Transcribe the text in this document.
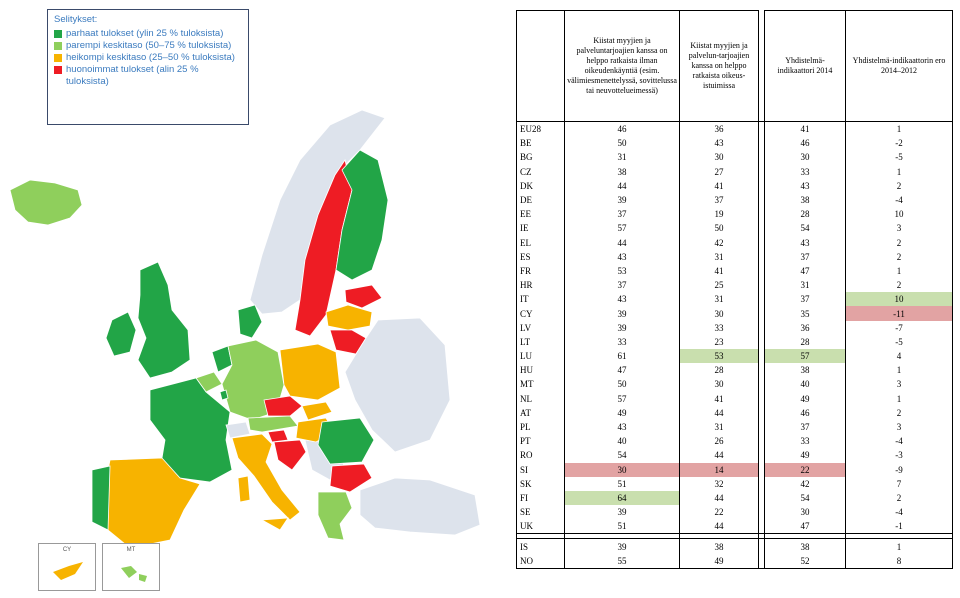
Selitykset:
parhaat tulokset (ylin 25 % tuloksista)
parempi keskitaso (50–75 % tuloksista)
heikompi keskitaso (25–50 % tuloksista)
huonoimmat tulokset (alin 25 % tuloksista)
CY	MT
	Kiistat myyjien ja palveluntarjoajien kanssa on helppo ratkaista ilman oikeudenkäyntiä (esim. välimiesmenettelyssä, sovittelussa tai neuvottelueimessä)	Kiistat myyjien ja palvelun-tarjoajien kanssa on helppo ratkaista oikeus-istuimissa		Yhdistelmä-indikaattori 2014	Yhdistelmä-indikaattorin ero 2014–2012
EU28	46	36		41	1
BE	50	43		46	-2
BG	31	30		30	-5
CZ	38	27		33	1
DK	44	41		43	2
DE	39	37		38	-4
EE	37	19		28	10
IE	57	50		54	3
EL	44	42		43	2
ES	43	31		37	2
FR	53	41		47	1
HR	37	25		31	2
IT	43	31		37	10
CY	39	30		35	-11
LV	39	33		36	-7
LT	33	23		28	-5
LU	61	53		57	4
HU	47	28		38	1
MT	50	30		40	3
NL	57	41		49	1
AT	49	44		46	2
PL	43	31		37	3
PT	40	26		33	-4
RO	54	44		49	-3
SI	30	14		22	-9
SK	51	32		42	7
FI	64	44		54	2
SE	39	22		30	-4
UK	51	44		47	-1

IS	39	38		38	1
NO	55	49		52	8
